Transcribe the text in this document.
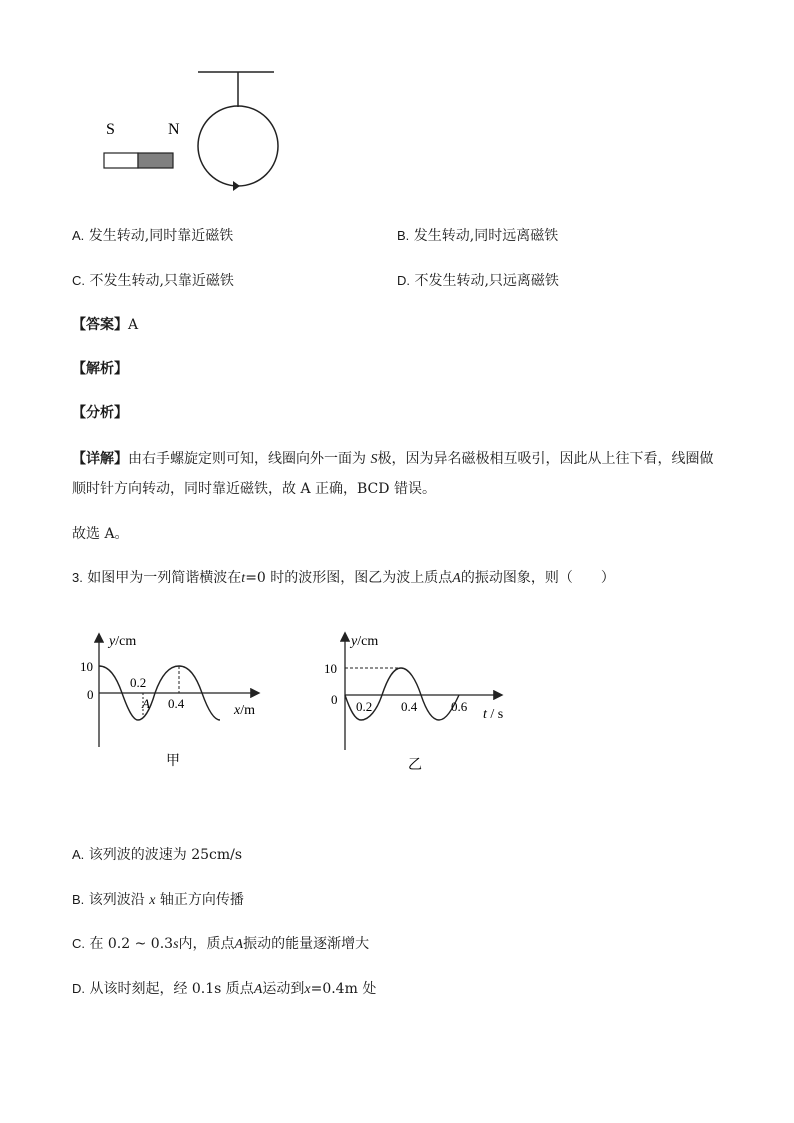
S	N
A. 发生转动,同时靠近磁铁	B. 发生转动,同时远离磁铁
C. 不发生转动,只靠近磁铁	D. 不发生转动,只远离磁铁
【答案】A
【解析】
【分析】
【详解】由右手螺旋定则可知，线圈向外一面为 S极，因为异名磁极相互吸引，因此从上往下看，线圈做
顺时针方向转动，同时靠近磁铁，故 A 正确，BCD 错误。
故选 A。
3. 如图甲为一列简谐横波在t=0 时的波形图，图乙为波上质点A的振动图象，则（　　）
y/cm
10
0
0.2
0.4
A	x/m
甲
y/cm
10
0 0.2 0.4	0.6
t / s
乙
A. 该列波的波速为 25cm/s
B. 该列波沿 x 轴正方向传播
C. 在 0.2 ~ 0.3s内，质点A振动的能量逐渐增大
D. 从该时刻起，经 0.1s 质点A运动到x=0.4m 处
